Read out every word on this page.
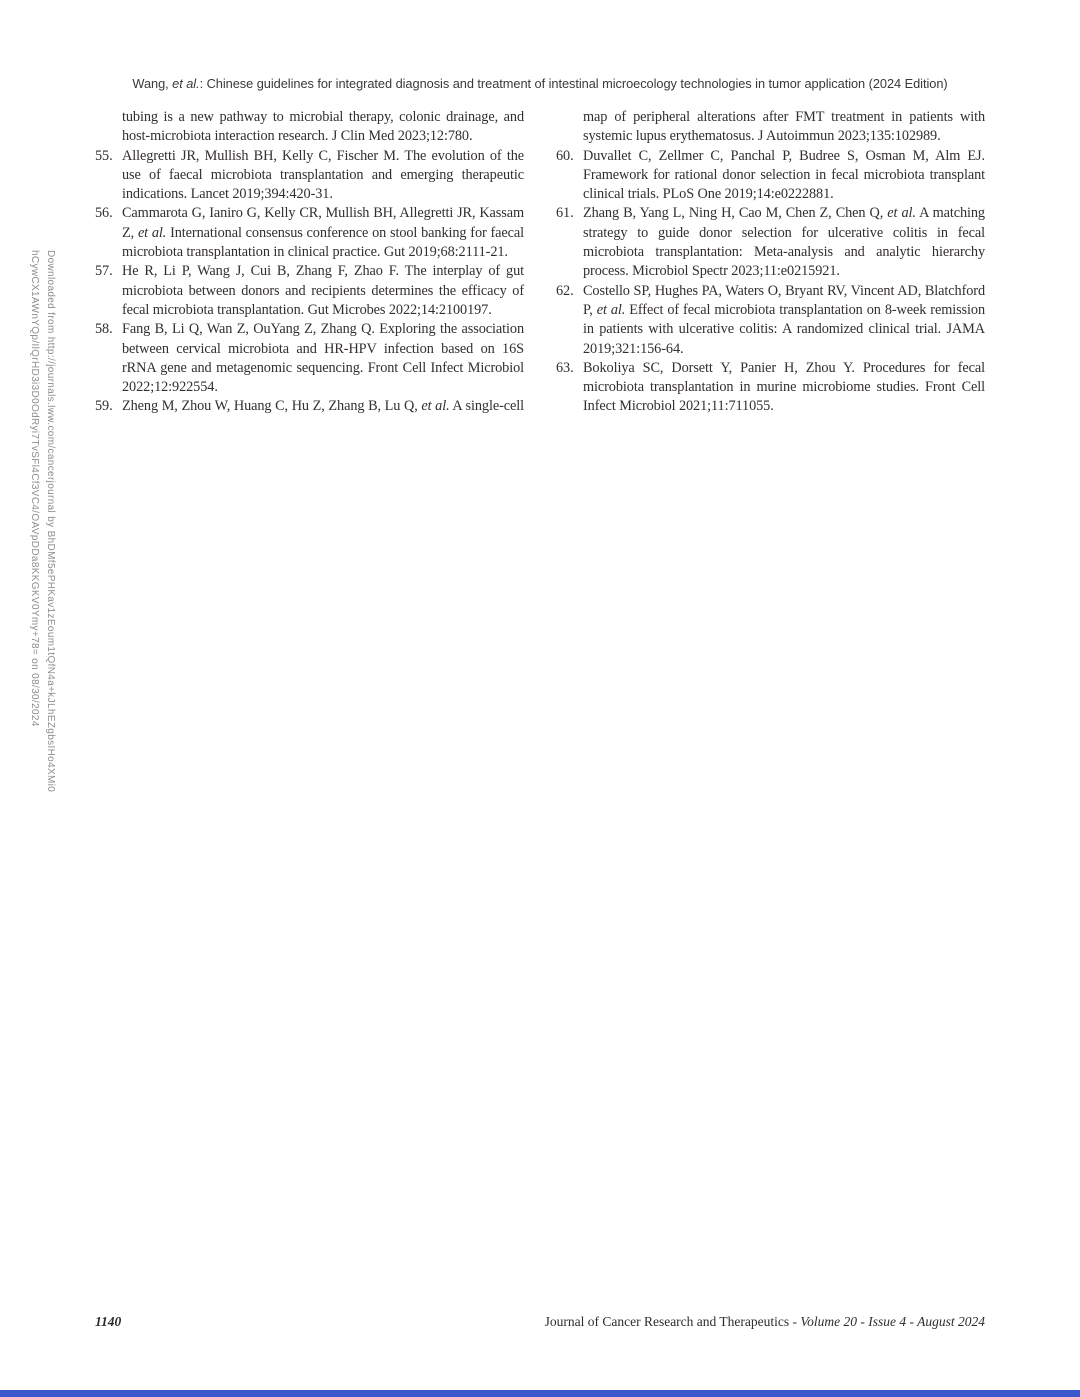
Wang, et al.: Chinese guidelines for integrated diagnosis and treatment of intestinal microecology technologies in tumor application (2024 Edition)
Downloaded from http://journals.lww.com/cancerjournal by BhDMf5ePHKav1zEoum1tQfN4a+kJLhEZgbsIHo4XMi0
hCywCX1AWnYQp/IlQrHD3i3D0OdRyi7TvSFl4Cf3VC4/OAVpDDa8KKGKV0Ymy+78= on 08/30/2024
tubing is a new pathway to microbial therapy, colonic drainage, and host-microbiota interaction research. J Clin Med 2023;12:780.
55. Allegretti JR, Mullish BH, Kelly C, Fischer M. The evolution of the use of faecal microbiota transplantation and emerging therapeutic indications. Lancet 2019;394:420-31.
56. Cammarota G, Ianiro G, Kelly CR, Mullish BH, Allegretti JR, Kassam Z, et al. International consensus conference on stool banking for faecal microbiota transplantation in clinical practice. Gut 2019;68:2111-21.
57. He R, Li P, Wang J, Cui B, Zhang F, Zhao F. The interplay of gut microbiota between donors and recipients determines the efficacy of fecal microbiota transplantation. Gut Microbes 2022;14:2100197.
58. Fang B, Li Q, Wan Z, OuYang Z, Zhang Q. Exploring the association between cervical microbiota and HR-HPV infection based on 16S rRNA gene and metagenomic sequencing. Front Cell Infect Microbiol 2022;12:922554.
59. Zheng M, Zhou W, Huang C, Hu Z, Zhang B, Lu Q, et al. A single-cell
map of peripheral alterations after FMT treatment in patients with systemic lupus erythematosus. J Autoimmun 2023;135:102989.
60. Duvallet C, Zellmer C, Panchal P, Budree S, Osman M, Alm EJ. Framework for rational donor selection in fecal microbiota transplant clinical trials. PLoS One 2019;14:e0222881.
61. Zhang B, Yang L, Ning H, Cao M, Chen Z, Chen Q, et al. A matching strategy to guide donor selection for ulcerative colitis in fecal microbiota transplantation: Meta-analysis and analytic hierarchy process. Microbiol Spectr 2023;11:e0215921.
62. Costello SP, Hughes PA, Waters O, Bryant RV, Vincent AD, Blatchford P, et al. Effect of fecal microbiota transplantation on 8-week remission in patients with ulcerative colitis: A randomized clinical trial. JAMA 2019;321:156-64.
63. Bokoliya SC, Dorsett Y, Panier H, Zhou Y. Procedures for fecal microbiota transplantation in murine microbiome studies. Front Cell Infect Microbiol 2021;11:711055.
1140	Journal of Cancer Research and Therapeutics - Volume 20 - Issue 4 - August 2024
